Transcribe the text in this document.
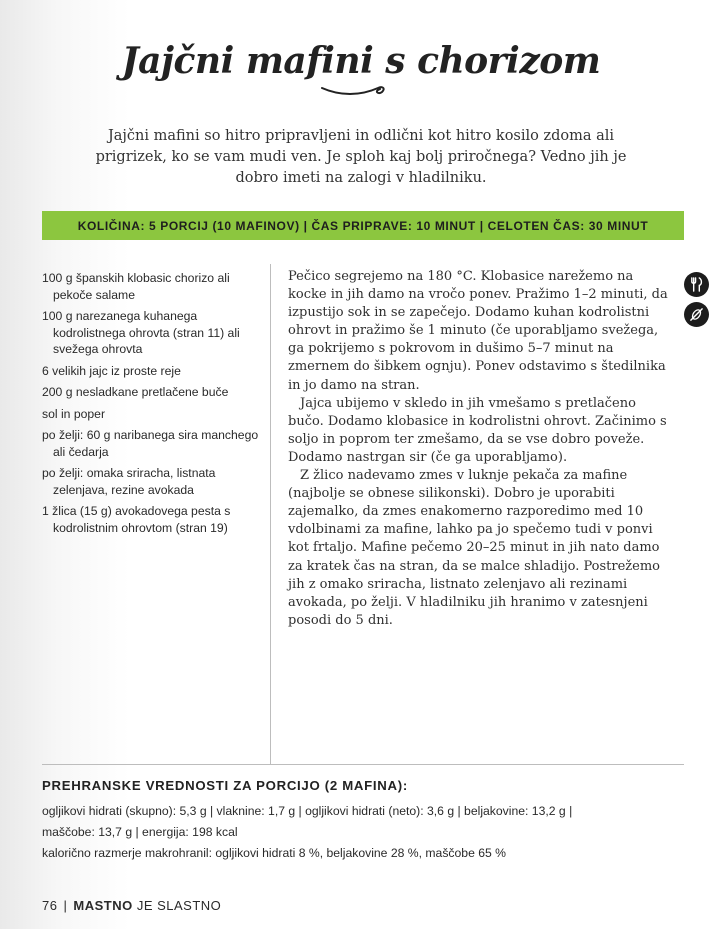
Jajčni mafini s chorizom
Jajčni mafini so hitro pripravljeni in odlični kot hitro kosilo zdoma ali prigrizek, ko se vam mudi ven. Je sploh kaj bolj priročnega? Vedno jih je dobro imeti na zalogi v hladilniku.
KOLIČINA: 5 PORCIJ (10 MAFINOV) | ČAS PRIPRAVE: 10 MINUT | CELOTEN ČAS: 30 MINUT
100 g španskih klobasic chorizo ali pekoče salame
100 g narezanega kuhanega kodrolistnega ohrovta (stran 11) ali svežega ohrovta
6 velikih jajc iz proste reje
200 g nesladkane pretlačene buče
sol in poper
po želji: 60 g naribanega sira manchego ali čedarja
po želji: omaka sriracha, listnata zelenjava, rezine avokada
1 žlica (15 g) avokadovega pesta s kodrolistnim ohrovtom (stran 19)

Pečico segrejemo na 180 °C. Klobasice narežemo na kocke in jih damo na vročo ponev. Pražimo 1–2 minuti, da izpustijo sok in se zapečejo. Dodamo kuhan kodrolistni ohrovt in pražimo še 1 minuto (če uporabljamo svežega, ga pokrijemo s pokrovom in dušimo 5–7 minut na zmernem do šibkem ognju). Ponev odstavimo s štedilnika in jo damo na stran.

Jajca ubijemo v skledo in jih vmešamo s pretlačeno bučo. Dodamo klobasice in kodrolistni ohrovt. Začinimo s soljo in poprom ter zmešamo, da se vse dobro poveže. Dodamo nastrgan sir (če ga uporabljamo).

Z žlico nadevamo zmes v luknje pekača za mafine (najbolje se obnese silikonski). Dobro je uporabiti zajemalko, da zmes enakomerno razporedimo med 10 vdolbinami za mafine, lahko pa jo spečemo tudi v ponvi kot frtaljo. Mafine pečemo 20–25 minut in jih nato damo za kratek čas na stran, da se malce shladijo. Postrežemo jih z omako sriracha, listnato zelenjavo ali rezinami avokada, po želji. V hladilniku jih hranimo v zatesnjeni posodi do 5 dni.

PREHRANSKE VREDNOSTI ZA PORCIJO (2 MAFINA):
ogljikovi hidrati (skupno): 5,3 g | vlaknine: 1,7 g | ogljikovi hidrati (neto): 3,6 g | beljakovine: 13,2 g |
maščobe: 13,7 g | energija: 198 kcal
kalorično razmerje makrohranil: ogljikovi hidrati 8 %, beljakovine 28 %, maščobe 65 %
76 | MASTNO JE SLASTNO
